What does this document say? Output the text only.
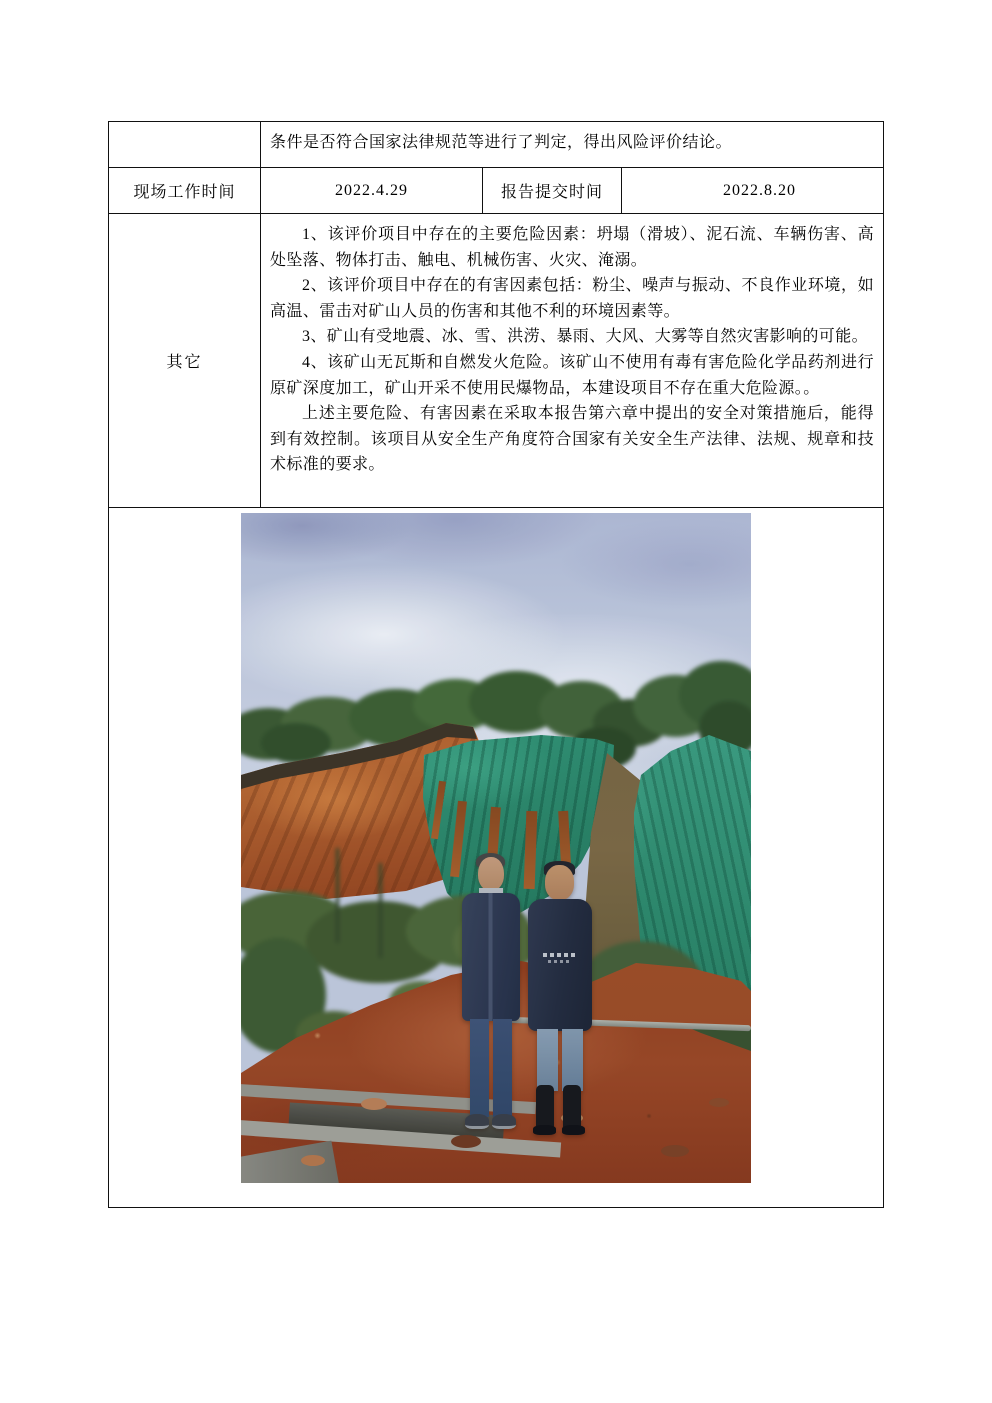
	条件是否符合国家法律规范等进行了判定，得出风险评价结论。		
现场工作时间	2022.4.29	报告提交时间	2022.8.20
其它	1、该评价项目中存在的主要危险因素：坍塌（滑坡）、泥石流、车辆伤害、高处坠落、物体打击、触电、机械伤害、火灾、淹溺。

2、该评价项目中存在的有害因素包括：粉尘、噪声与振动、不良作业环境，如高温、雷击对矿山人员的伤害和其他不利的环境因素等。

3、矿山有受地震、冰、雪、洪涝、暴雨、大风、大雾等自然灾害影响的可能。

4、该矿山无瓦斯和自燃发火危险。该矿山不使用有毒有害危险化学品药剂进行原矿深度加工，矿山开采不使用民爆物品，本建设项目不存在重大危险源。。

上述主要危险、有害因素在采取本报告第六章中提出的安全对策措施后，能得到有效控制。该项目从安全生产角度符合国家有关安全生产法律、法规、规章和技术标准的要求。		
